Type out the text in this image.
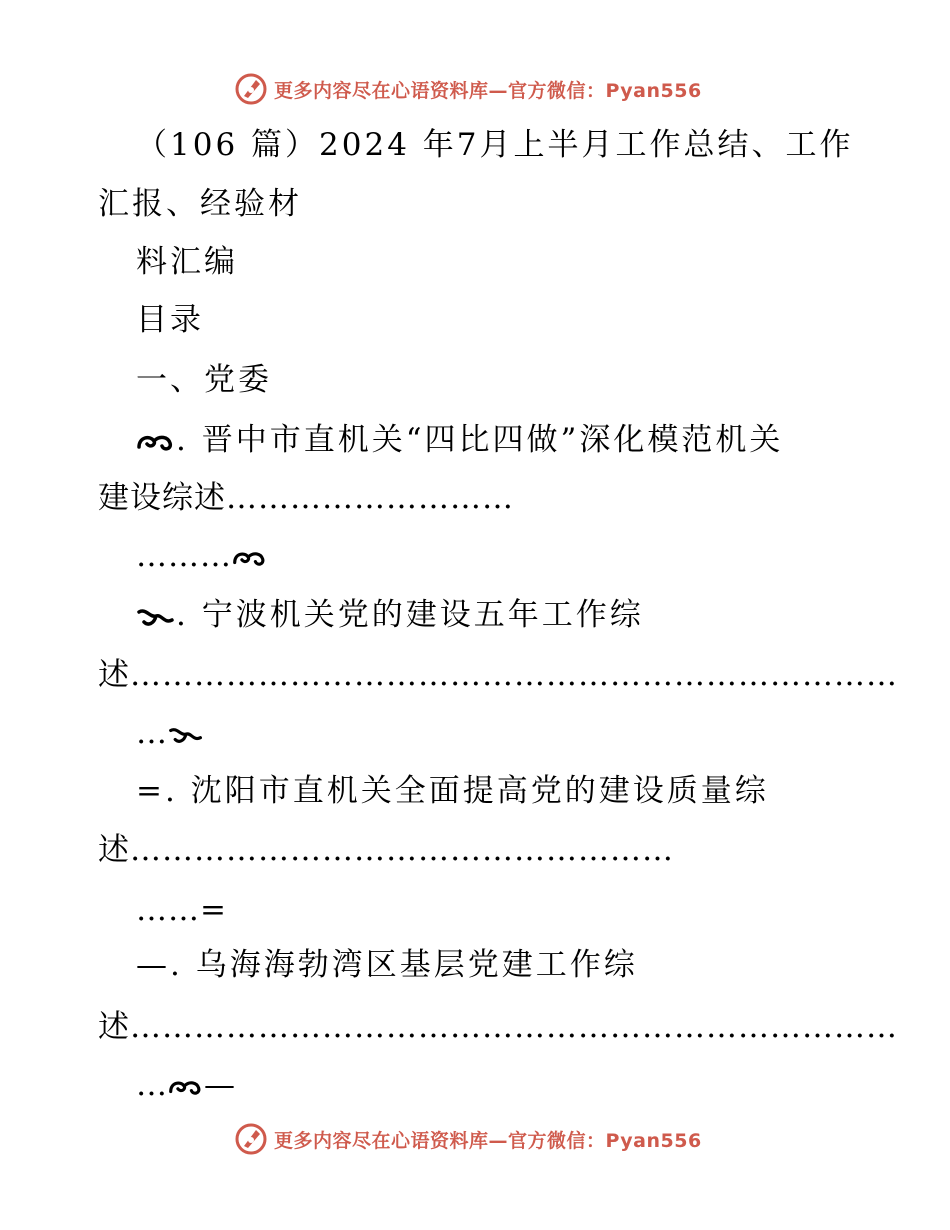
更多内容尽在心语资料库—官方微信：Pyan556
（106 篇）2024 年7月上半月工作总结、工作
汇报、经验材
料汇编
目录
一、党委
. 晋中市直机关“四比四做”深化模范机关
建设综述………………………
………
. 宁波机关党的建设五年工作综
述………………………………………………………………
…
=. 沈阳市直机关全面提高党的建设质量综
述……………………………………………
……=
—. 乌海海勃湾区基层党建工作综
述………………………………………………………………
… —
更多内容尽在心语资料库—官方微信：Pyan556
